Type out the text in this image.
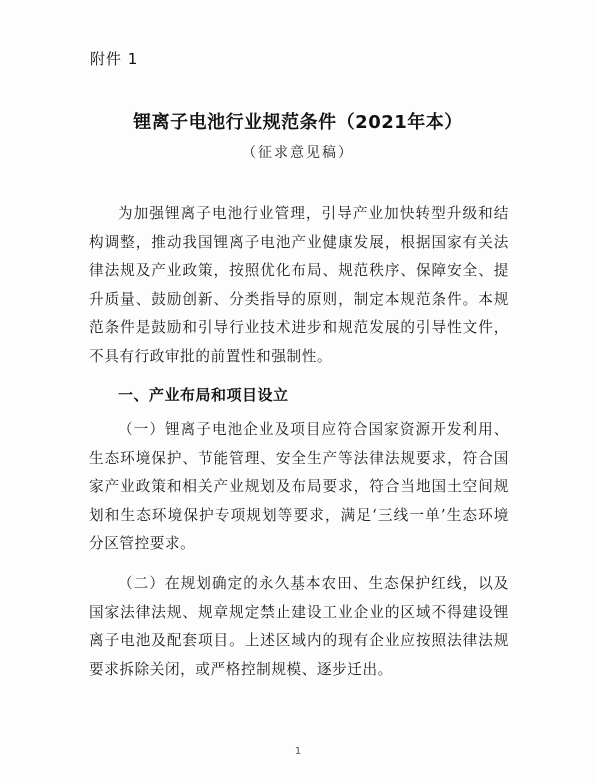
附件 1
锂离子电池行业规范条件（2021年本）
（征求意见稿）
为加强锂离子电池行业管理，引导产业加快转型升级和结构调整，推动我国锂离子电池产业健康发展，根据国家有关法律法规及产业政策，按照优化布局、规范秩序、保障安全、提升质量、鼓励创新、分类指导的原则，制定本规范条件。本规范条件是鼓励和引导行业技术进步和规范发展的引导性文件，不具有行政审批的前置性和强制性。
一、产业布局和项目设立
（一）锂离子电池企业及项目应符合国家资源开发利用、生态环境保护、节能管理、安全生产等法律法规要求，符合国家产业政策和相关产业规划及布局要求，符合当地国土空间规划和生态环境保护专项规划等要求，满足‘三线一单’生态环境分区管控要求。
（二）在规划确定的永久基本农田、生态保护红线，以及国家法律法规、规章规定禁止建设工业企业的区域不得建设锂离子电池及配套项目。上述区域内的现有企业应按照法律法规要求拆除关闭，或严格控制规模、逐步迁出。
1
